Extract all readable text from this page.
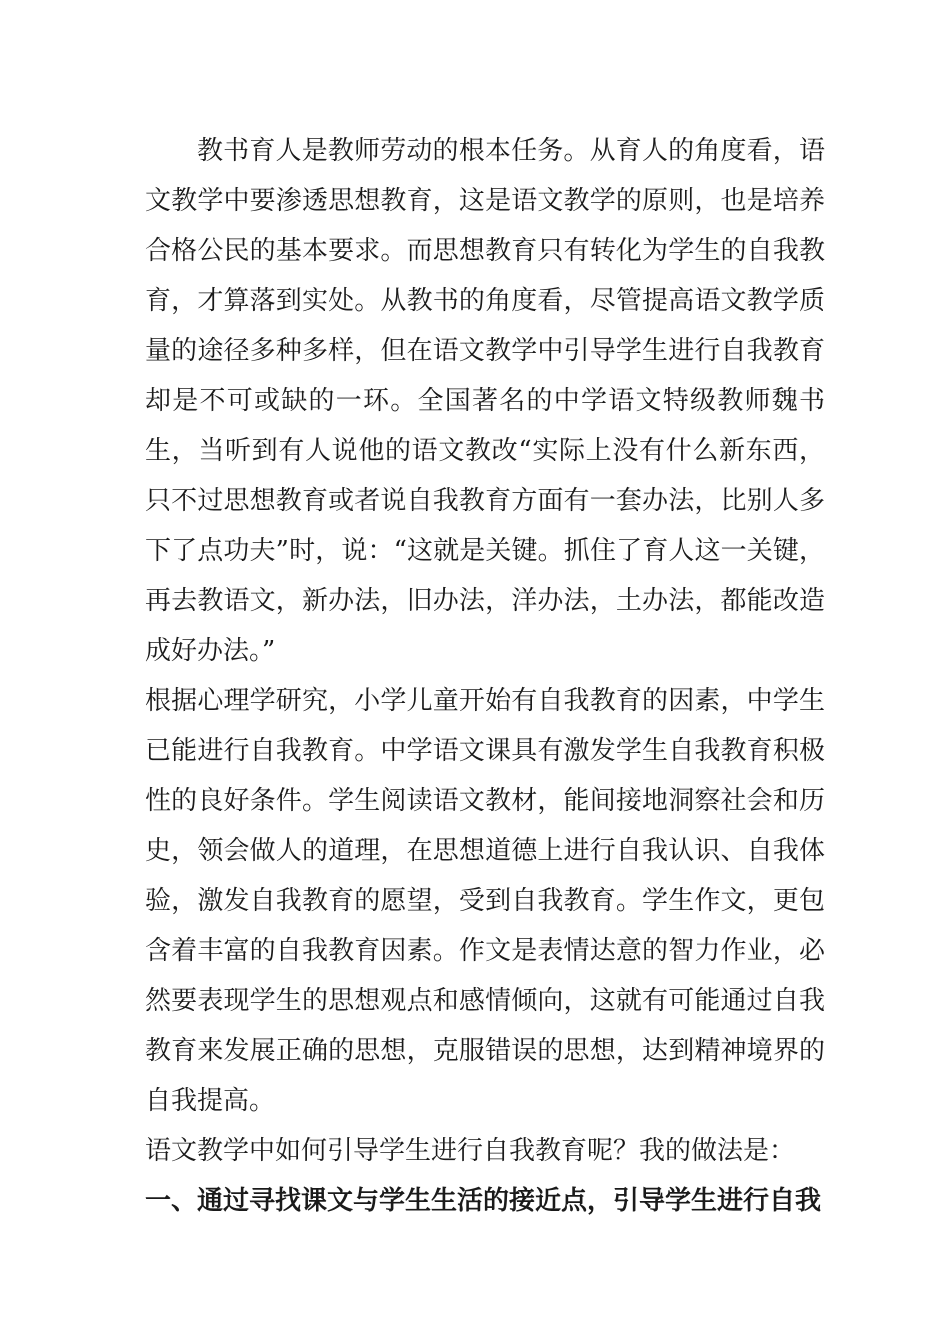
教书育人是教师劳动的根本任务。从育人的角度看，语文教学中要渗透思想教育，这是语文教学的原则，也是培养合格公民的基本要求。而思想教育只有转化为学生的自我教育，才算落到实处。从教书的角度看，尽管提高语文教学质量的途径多种多样，但在语文教学中引导学生进行自我教育却是不可或缺的一环。全国著名的中学语文特级教师魏书生，当听到有人说他的语文教改“实际上没有什么新东西，只不过思想教育或者说自我教育方面有一套办法，比别人多下了点功夫”时，说：“这就是关键。抓住了育人这一关键，再去教语文，新办法，旧办法，洋办法，土办法，都能改造成好办法。”

根据心理学研究，小学儿童开始有自我教育的因素，中学生已能进行自我教育。中学语文课具有激发学生自我教育积极性的良好条件。学生阅读语文教材，能间接地洞察社会和历史，领会做人的道理，在思想道德上进行自我认识、自我体验，激发自我教育的愿望，受到自我教育。学生作文，更包含着丰富的自我教育因素。作文是表情达意的智力作业，必然要表现学生的思想观点和感情倾向，这就有可能通过自我教育来发展正确的思想，克服错误的思想，达到精神境界的自我提高。

语文教学中如何引导学生进行自我教育呢？我的做法是：

一、通过寻找课文与学生生活的接近点，引导学生进行自我
